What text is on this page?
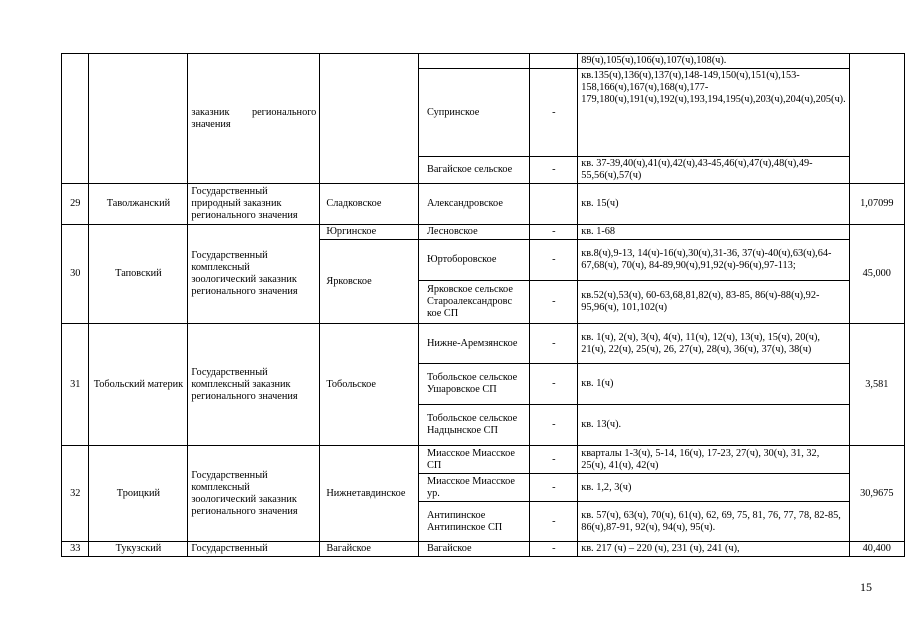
		заказник регионального значения				89(ч),105(ч),106(ч),107(ч),108(ч).	
				Супринское	-	кв.135(ч),136(ч),137(ч),148-149,150(ч),151(ч),153-158,166(ч),167(ч),168(ч),177-179,180(ч),191(ч),192(ч),193,194,195(ч),203(ч),204(ч),205(ч).	
				Вагайское сельское	-	кв. 37-39,40(ч),41(ч),42(ч),43-45,46(ч),47(ч),48(ч),49-55,56(ч),57(ч)	
29	Таволжанский	Государственный природный заказник регионального значения	Сладковское	Александровское		кв. 15(ч)	1,07099
30	Таповский	Государственный комплексный зоологический заказник регионального значения	Юргинское	Лесновское	-	кв. 1-68	45,000
			Ярковское	Юртоборовское	-	кв.8(ч),9-13, 14(ч)-16(ч),30(ч),31-36, 37(ч)-40(ч),63(ч),64-67,68(ч), 70(ч), 84-89,90(ч),91,92(ч)-96(ч),97-113;	
				Ярковское сельское Староалександровс кое СП	-	кв.52(ч),53(ч), 60-63,68,81,82(ч), 83-85, 86(ч)-88(ч),92-95,96(ч), 101,102(ч)	
31	Тобольский материк	Государственный комплексный заказник регионального значения	Тобольское	Нижне-Аремзянское	-	кв. 1(ч), 2(ч), 3(ч), 4(ч), 11(ч), 12(ч), 13(ч), 15(ч), 20(ч), 21(ч), 22(ч), 25(ч), 26, 27(ч), 28(ч), 36(ч), 37(ч), 38(ч)	3,581
				Тобольское сельское Ушаровское СП	-	кв. 1(ч)	
				Тобольское сельское Надцынское СП	-	кв. 13(ч).	
32	Троицкий	Государственный комплексный зоологический заказник регионального значения	Нижнетавдинское	Миасское Миасское СП	-	кварталы 1-3(ч), 5-14, 16(ч), 17-23, 27(ч), 30(ч), 31, 32, 25(ч), 41(ч), 42(ч)	30,9675
				Миасское Миасское ур.	-	кв. 1,2, 3(ч)	
				Антипинское Антипинское СП	-	кв. 57(ч), 63(ч), 70(ч), 61(ч), 62, 69, 75, 81, 76, 77, 78, 82-85, 86(ч),87-91, 92(ч), 94(ч), 95(ч).	
33	Тукузский	Государственный	Вагайское	Вагайское	-	кв. 217 (ч) – 220 (ч), 231 (ч), 241 (ч),	40,400
15
